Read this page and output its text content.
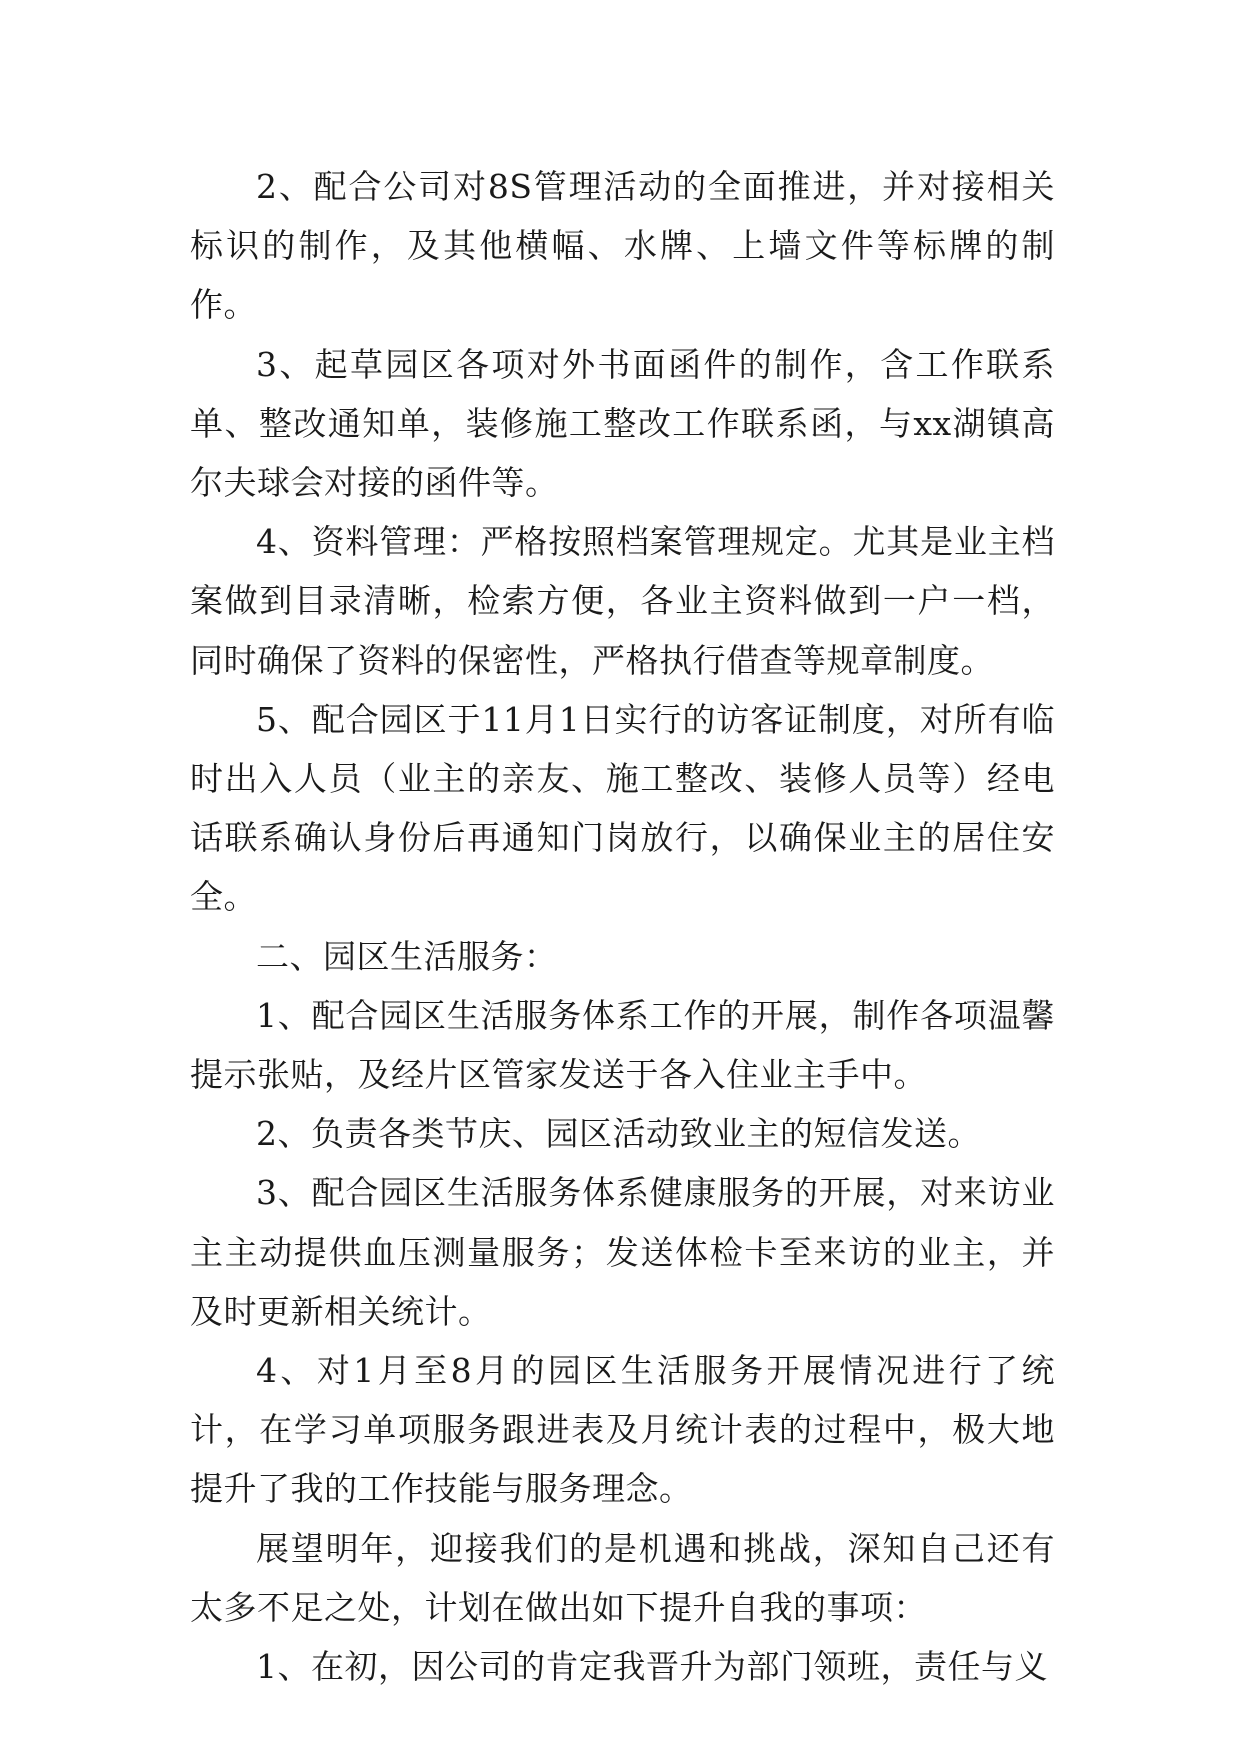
2、配合公司对8S管理活动的全面推进，并对接相关标识的制作，及其他横幅、水牌、上墙文件等标牌的制作。

3、起草园区各项对外书面函件的制作，含工作联系单、整改通知单，装修施工整改工作联系函，与xx湖镇高尔夫球会对接的函件等。

4、资料管理：严格按照档案管理规定。尤其是业主档案做到目录清晰，检索方便，各业主资料做到一户一档，同时确保了资料的保密性，严格执行借查等规章制度。

5、配合园区于11月1日实行的访客证制度，对所有临时出入人员（业主的亲友、施工整改、装修人员等）经电话联系确认身份后再通知门岗放行，以确保业主的居住安全。

二、园区生活服务：

1、配合园区生活服务体系工作的开展，制作各项温馨提示张贴，及经片区管家发送于各入住业主手中。

2、负责各类节庆、园区活动致业主的短信发送。

3、配合园区生活服务体系健康服务的开展，对来访业主主动提供血压测量服务；发送体检卡至来访的业主，并及时更新相关统计。

4、对1月至8月的园区生活服务开展情况进行了统计，在学习单项服务跟进表及月统计表的过程中，极大地提升了我的工作技能与服务理念。

展望明年，迎接我们的是机遇和挑战，深知自己还有太多不足之处，计划在做出如下提升自我的事项：

1、在初，因公司的肯定我晋升为部门领班，责任与义
